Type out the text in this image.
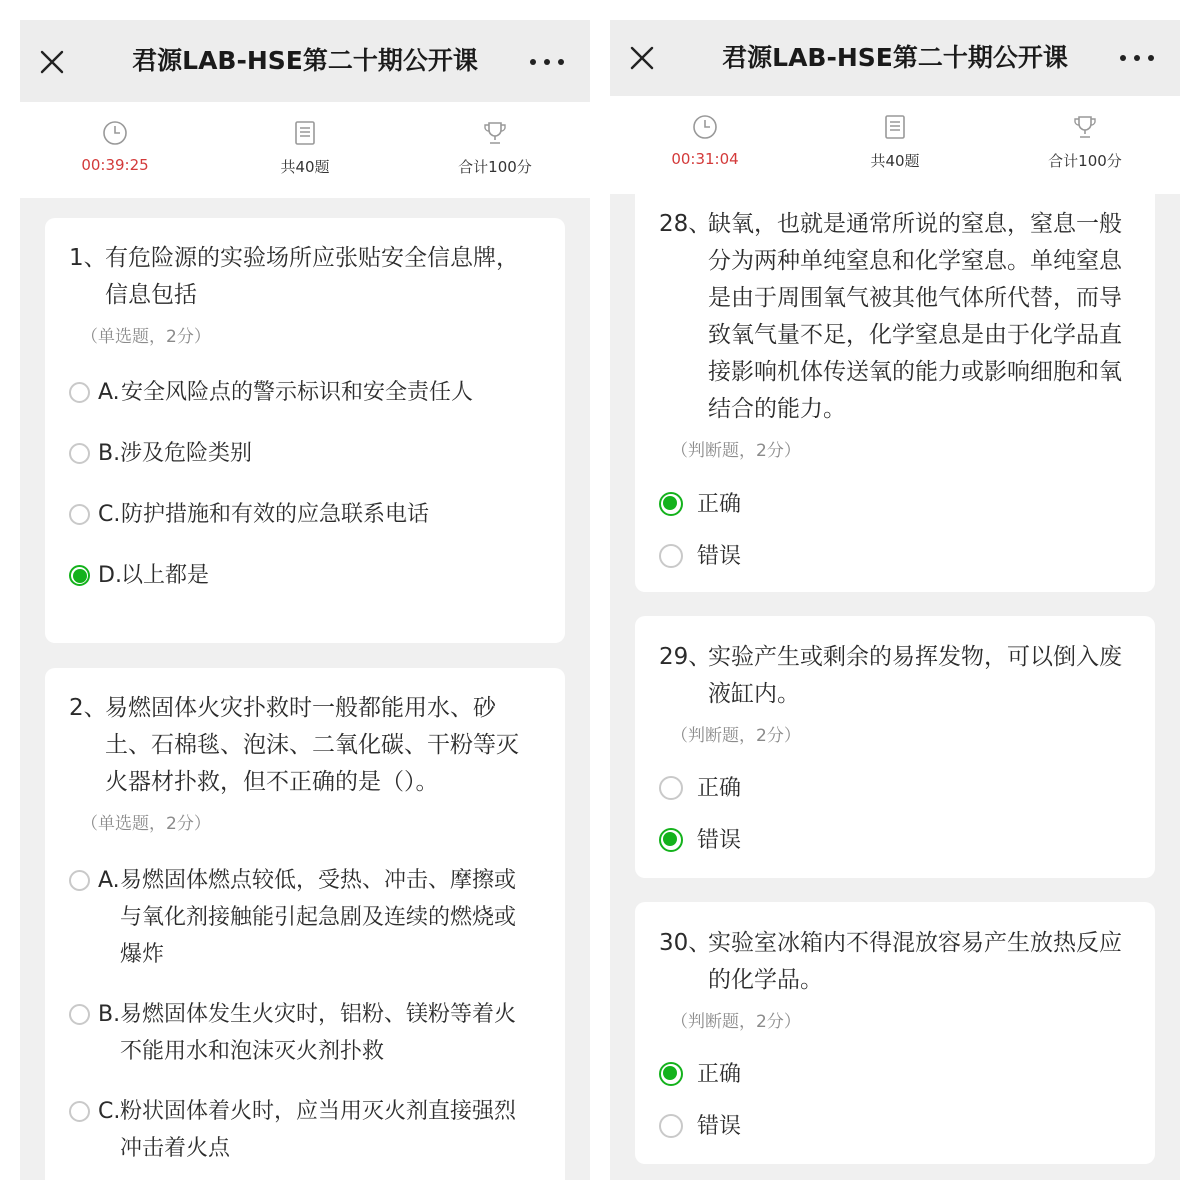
君源LAB-HSE第二十期公开课
00:39:25	共40题	合计100分
1、
有危险源的实验场所应张贴安全信息牌，信息包括
（单选题，2分）
A. 安全风险点的警示标识和安全责任人
B. 涉及危险类别
C. 防护措施和有效的应急联系电话
D. 以上都是
2、
易燃固体火灾扑救时一般都能用水、砂土、石棉毯、泡沫、二氧化碳、干粉等灭火器材扑救，但不正确的是（）。
（单选题，2分）
A. 易燃固体燃点较低，受热、冲击、摩擦或与氧化剂接触能引起急剧及连续的燃烧或爆炸
B. 易燃固体发生火灾时，铝粉、镁粉等着火不能用水和泡沫灭火剂扑救
C. 粉状固体着火时，应当用灭火剂直接强烈冲击着火点
君源LAB-HSE第二十期公开课
00:31:04	共40题	合计100分
28、
缺氧，也就是通常所说的窒息，窒息一般分为两种单纯窒息和化学窒息。单纯窒息是由于周围氧气被其他气体所代替，而导致氧气量不足，化学窒息是由于化学品直接影响机体传送氧的能力或影响细胞和氧结合的能力。
（判断题，2分）
正确
错误
29、
实验产生或剩余的易挥发物，可以倒入废液缸内。
（判断题，2分）
正确
错误
30、
实验室冰箱内不得混放容易产生放热反应的化学品。
（判断题，2分）
正确
错误
